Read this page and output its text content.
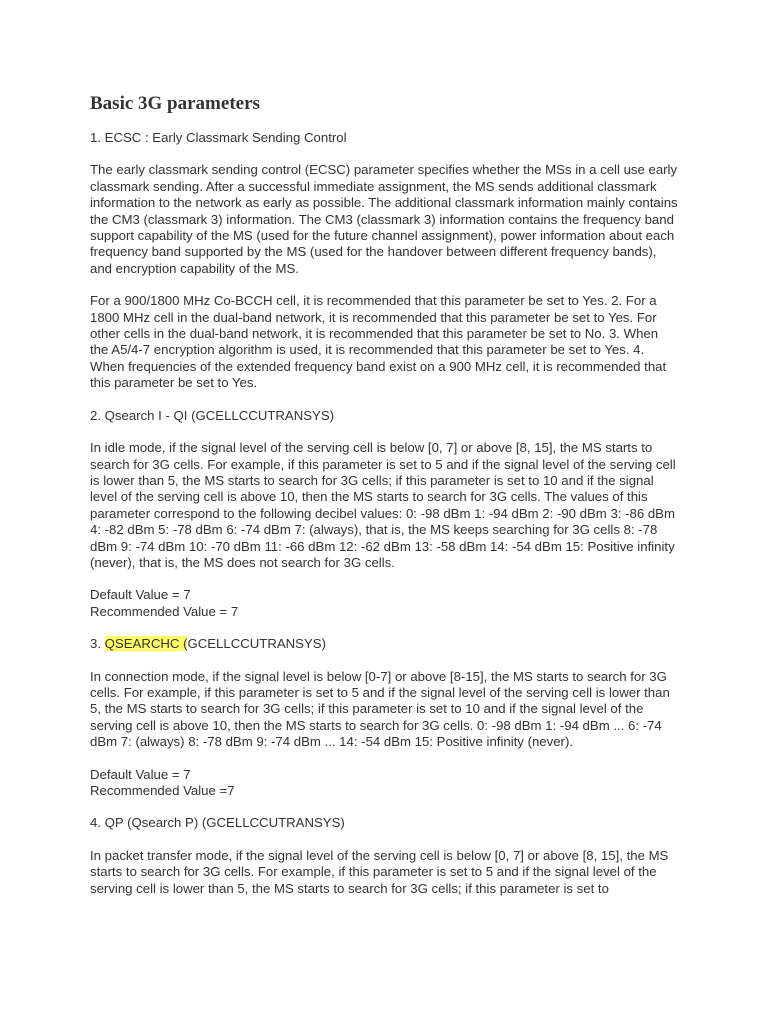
Basic 3G parameters

1. ECSC : Early Classmark Sending Control

The early classmark sending control (ECSC) parameter specifies whether the MSs in a cell use early classmark sending. After a successful immediate assignment, the MS sends additional classmark information to the network as early as possible. The additional classmark information mainly contains the CM3 (classmark 3) information. The CM3 (classmark 3) information contains the frequency band support capability of the MS (used for the future channel assignment), power information about each frequency band supported by the MS (used for the handover between different frequency bands), and encryption capability of the MS.

For a 900/1800 MHz Co-BCCH cell, it is recommended that this parameter be set to Yes. 2. For a 1800 MHz cell in the dual-band network, it is recommended that this parameter be set to Yes. For other cells in the dual-band network, it is recommended that this parameter be set to No. 3. When the A5/4-7 encryption algorithm is used, it is recommended that this parameter be set to Yes. 4. When frequencies of the extended frequency band exist on a 900 MHz cell, it is recommended that this parameter be set to Yes.

2. Qsearch I - QI (GCELLCCUTRANSYS)

In idle mode, if the signal level of the serving cell is below [0, 7] or above [8, 15], the MS starts to search for 3G cells. For example, if this parameter is set to 5 and if the signal level of the serving cell is lower than 5, the MS starts to search for 3G cells; if this parameter is set to 10 and if the signal level of the serving cell is above 10, then the MS starts to search for 3G cells. The values of this parameter correspond to the following decibel values: 0: -98 dBm 1: -94 dBm 2: -90 dBm 3: -86 dBm 4: -82 dBm 5: -78 dBm 6: -74 dBm 7: (always), that is, the MS keeps searching for 3G cells 8: -78 dBm 9: -74 dBm 10: -70 dBm 11: -66 dBm 12: -62 dBm 13: -58 dBm 14: -54 dBm 15: Positive infinity (never), that is, the MS does not search for 3G cells.

Default Value = 7
Recommended Value = 7

3. QSEARCHC (GCELLCCUTRANSYS)

In connection mode, if the signal level is below [0-7] or above [8-15], the MS starts to search for 3G cells. For example, if this parameter is set to 5 and if the signal level of the serving cell is lower than 5, the MS starts to search for 3G cells; if this parameter is set to 10 and if the signal level of the serving cell is above 10, then the MS starts to search for 3G cells. 0: -98 dBm 1: -94 dBm ... 6: -74 dBm 7: (always) 8: -78 dBm 9: -74 dBm ... 14: -54 dBm 15: Positive infinity (never).

Default Value = 7
Recommended Value =7

4. QP (Qsearch P) (GCELLCCUTRANSYS)

In packet transfer mode, if the signal level of the serving cell is below [0, 7] or above [8, 15], the MS starts to search for 3G cells. For example, if this parameter is set to 5 and if the signal level of the serving cell is lower than 5, the MS starts to search for 3G cells; if this parameter is set to
